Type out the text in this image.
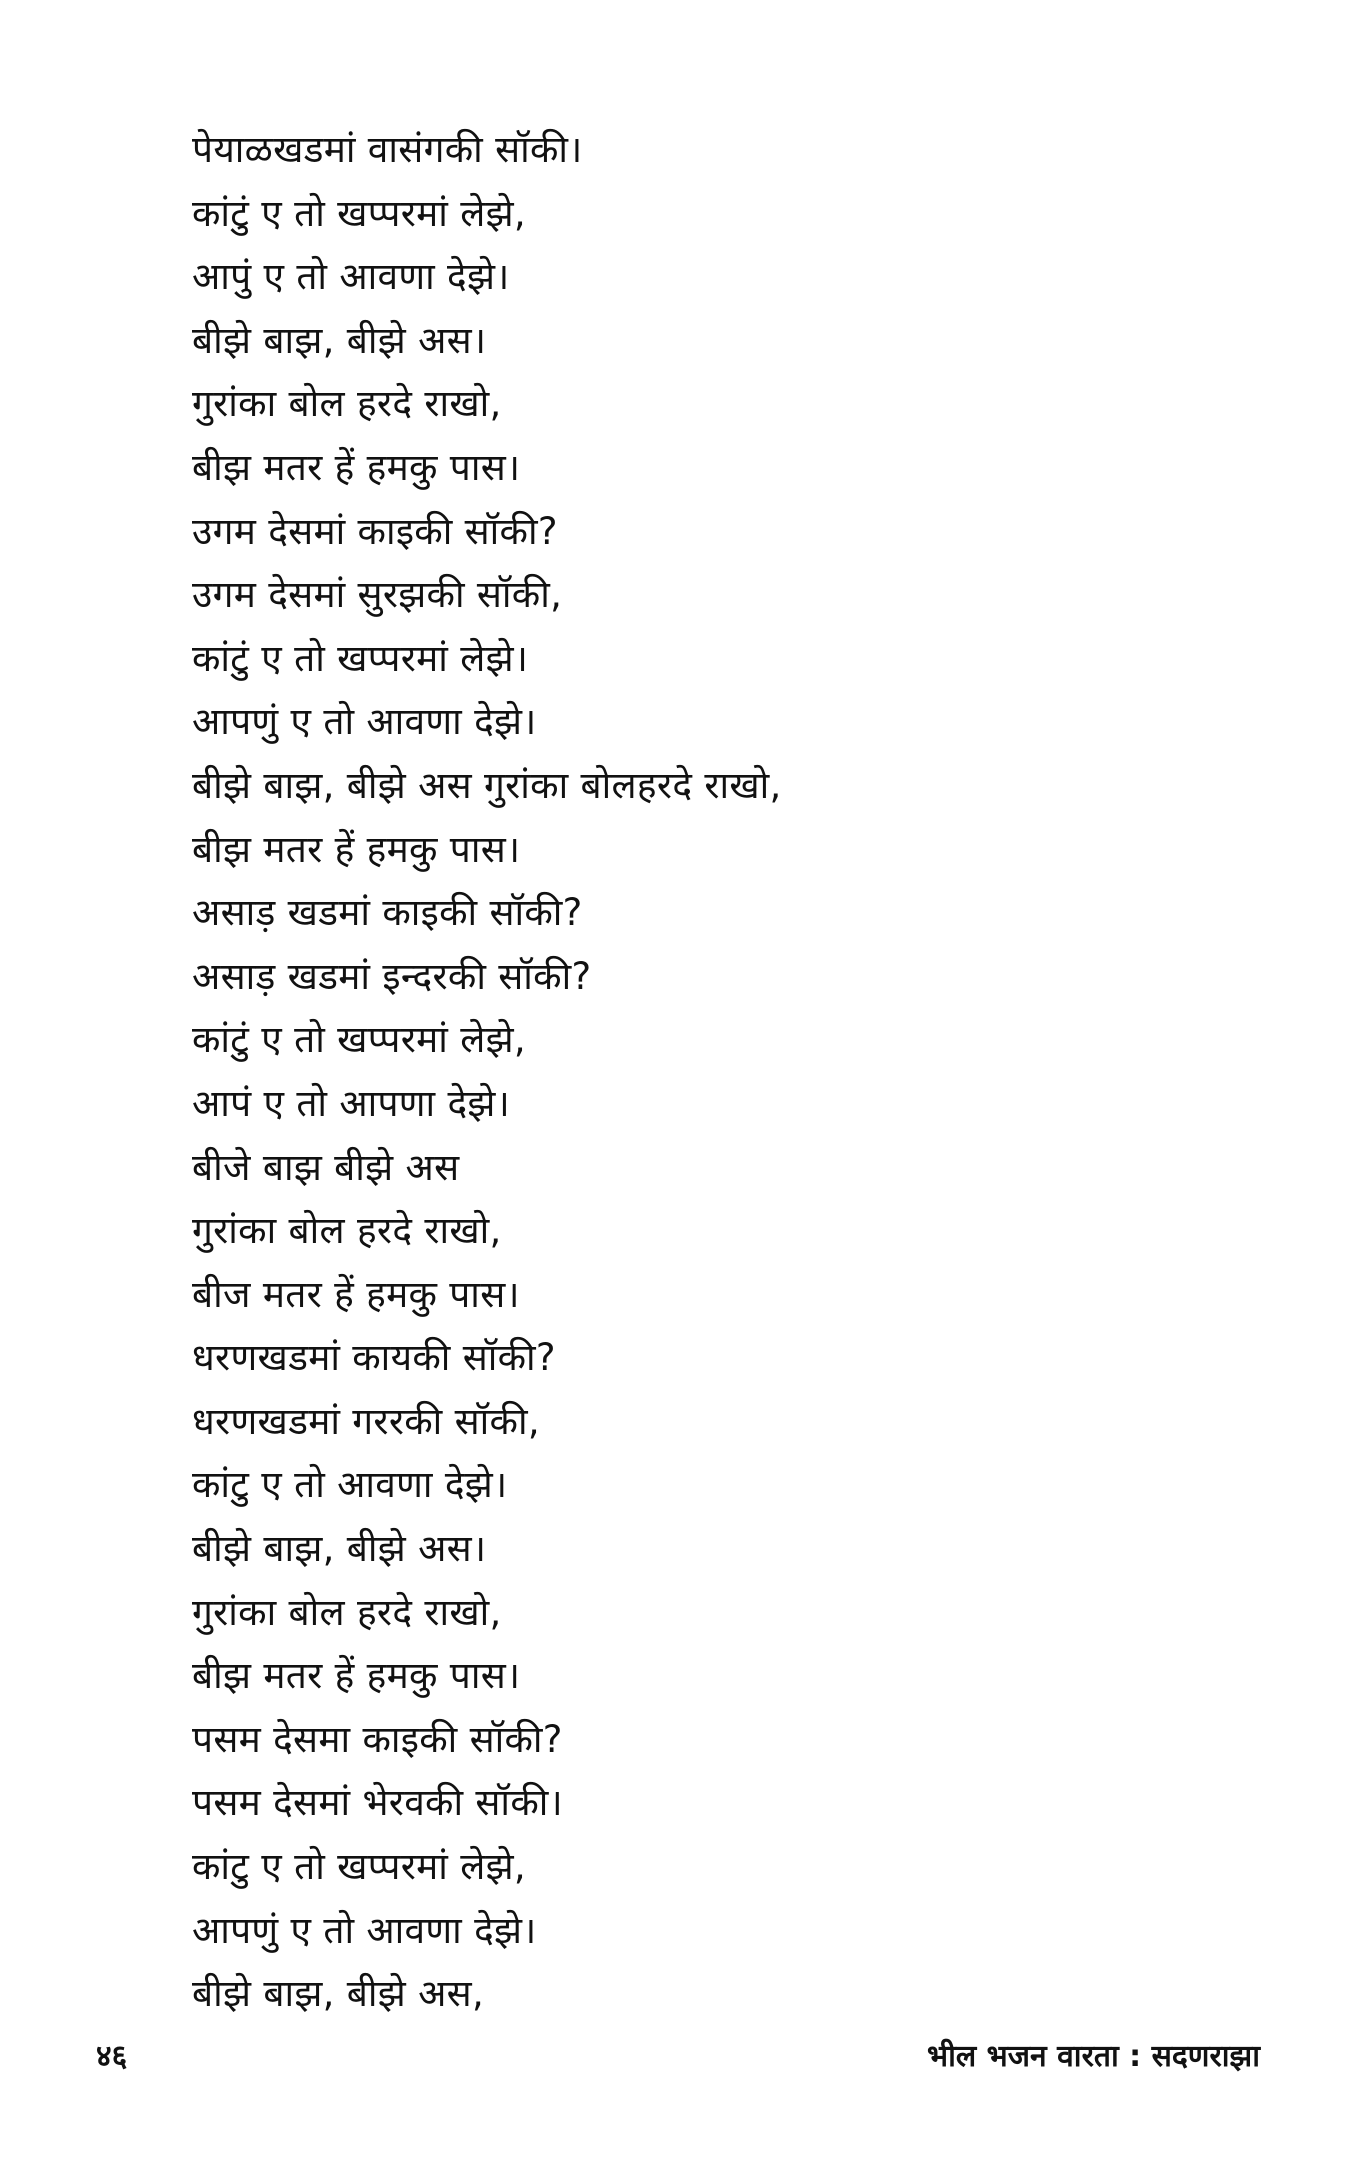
पेयाळखडमां वासंगकी सॉकी।
कांटुं ए तो खप्परमां लेझे,
आपुं ए तो आवणा देझे।
बीझे बाझ, बीझे अस।
गुरांका बोल हरदे राखो,
बीझ मतर हें हमकु पास।
उगम देसमां काइकी सॉकी?
उगम देसमां सुरझकी सॉकी,
कांटुं ए तो खप्परमां लेझे।
आपणुं ए तो आवणा देझे।
बीझे बाझ, बीझे अस गुरांका बोलहरदे राखो,
बीझ मतर हें हमकु पास।
असाड़ खडमां काइकी सॉकी?
असाड़ खडमां इन्दरकी सॉकी?
कांटुं ए तो खप्परमां लेझे,
आपं ए तो आपणा देझे।
बीजे बाझ बीझे अस
गुरांका बोल हरदे राखो,
बीज मतर हें हमकु पास।
धरणखडमां कायकी सॉकी?
धरणखडमां गररकी सॉकी,
कांटु ए तो आवणा देझे।
बीझे बाझ, बीझे अस।
गुरांका बोल हरदे राखो,
बीझ मतर हें हमकु पास।
पसम देसमा काइकी सॉकी?
पसम देसमां भेरवकी सॉकी।
कांटु ए तो खप्परमां लेझे,
आपणुं ए तो आवणा देझे।
बीझे बाझ, बीझे अस,
४६	भील भजन वारता : सदणराझा
